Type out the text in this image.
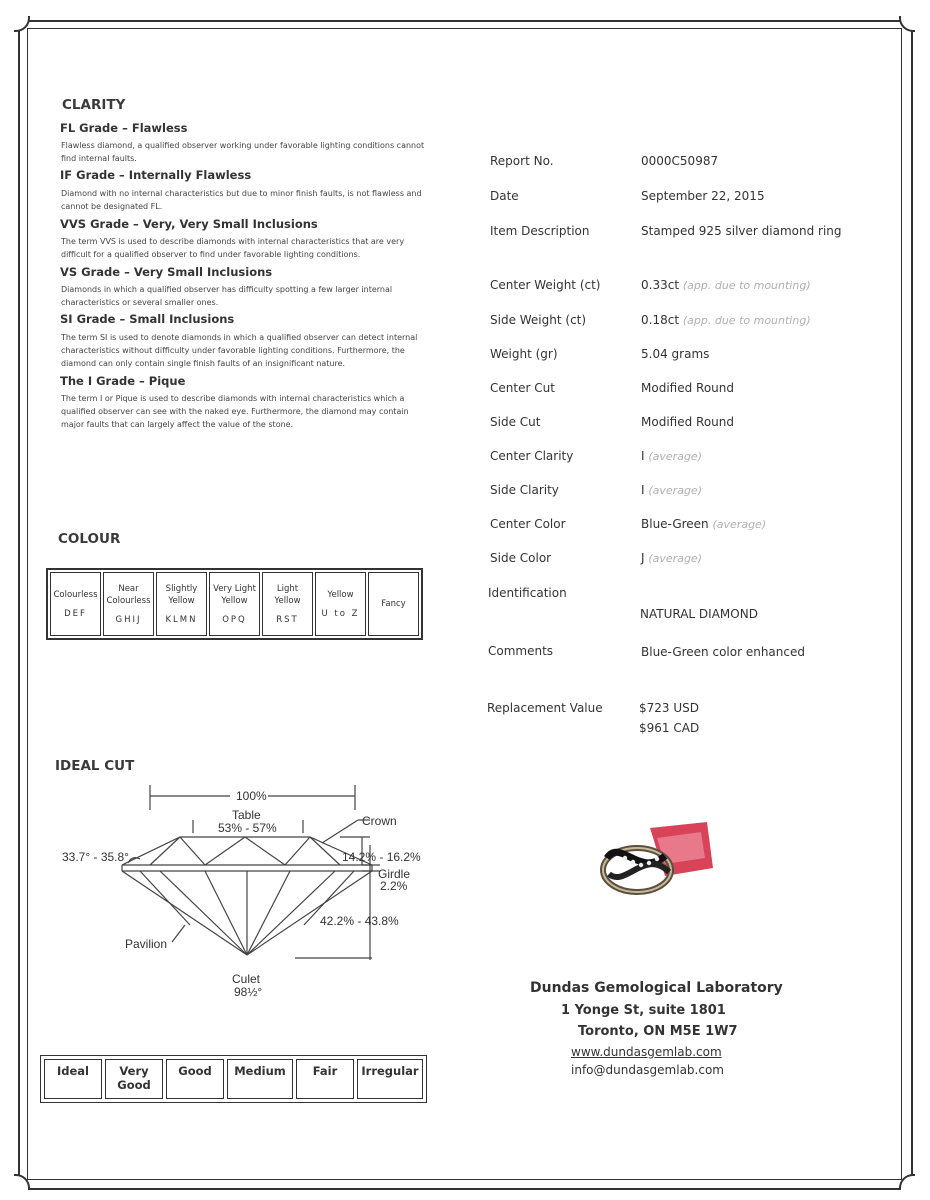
CLARITY
FL Grade – Flawless
Flawless diamond, a qualified observer working under favorable lighting conditions cannot find internal faults.
IF Grade – Internally Flawless
Diamond with no internal characteristics but due to minor finish faults, is not flawless and cannot be designated FL.
VVS Grade – Very, Very Small Inclusions
The term VVS is used to describe diamonds with internal characteristics that are very difficult for a qualified observer to find under favorable lighting conditions.
VS Grade – Very Small Inclusions
Diamonds in which a qualified observer has difficulty spotting a few larger internal characteristics or several smaller ones.
SI Grade – Small Inclusions
The term SI is used to denote diamonds in which a qualified observer can detect internal characteristics without difficulty under favorable lighting conditions. Furthermore, the diamond can only contain single finish faults of an insignificant nature.
The I Grade – Pique
The term I or Pique is used to describe diamonds with internal characteristics which a qualified observer can see with the naked eye. Furthermore, the diamond may contain major faults that can largely affect the value of the stone.
COLOUR
Colourless
DEF

Near Colourless
GHIJ

Slightly Yellow
KLMN

Very Light Yellow
OPQ

Light Yellow
RST

Yellow
U to Z

Fancy
IDEAL CUT
100%
Table
53% - 57%	Crown
33.7° - 35.8°	14.2% - 16.2%
Girdle
2.2%
42.2% - 43.8%
Pavilion
Culet
98½°
Ideal	Very Good	Good	Medium	Fair	Irregular
Report No.	0000C50987
Date	September 22, 2015
Item Description	Stamped 925 silver diamond ring
Center Weight (ct)	0.33ct (app. due to mounting)
Side Weight (ct)	0.18ct (app. due to mounting)
Weight (gr)	5.04 grams
Center Cut	Modified Round
Side Cut	Modified Round
Center Clarity	I (average)
Side Clarity	I (average)
Center Color	Blue-Green (average)
Side Color	J (average)
Identification
NATURAL DIAMOND
Comments	Blue-Green color enhanced
Replacement Value	$723 USD
$961 CAD
Dundas Gemological Laboratory
1 Yonge St, suite 1801
Toronto, ON M5E 1W7
www.dundasgemlab.com
info@dundasgemlab.com
